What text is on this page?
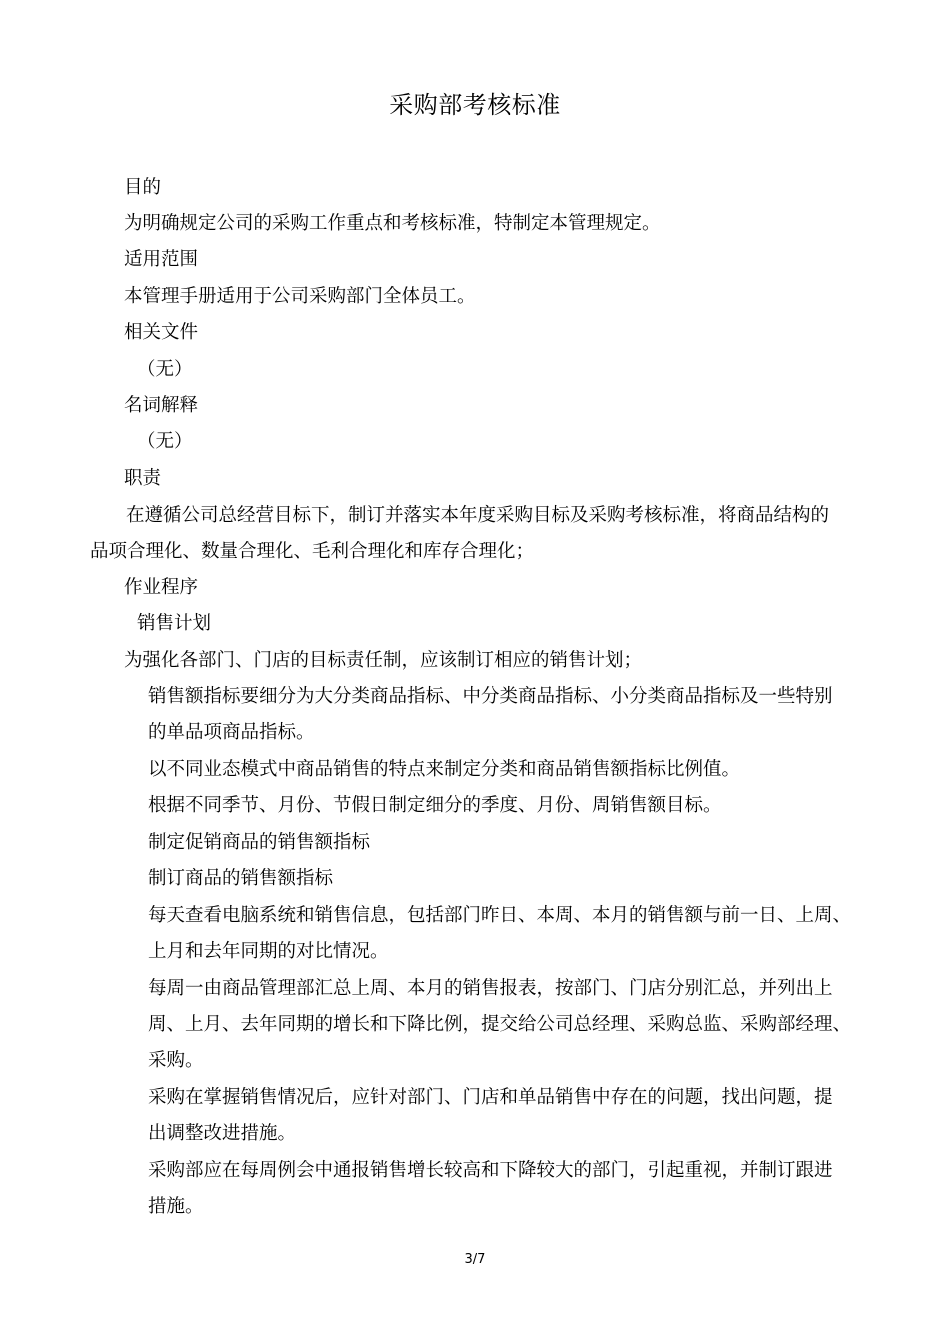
采购部考核标准
目的
为明确规定公司的采购工作重点和考核标准，特制定本管理规定。
适用范围
本管理手册适用于公司采购部门全体员工。
相关文件
（无）
名词解释
（无）
职责
在遵循公司总经营目标下，制订并落实本年度采购目标及采购考核标准，将商品结构的
品项合理化、数量合理化、毛利合理化和库存合理化；
作业程序
销售计划
为强化各部门、门店的目标责任制，应该制订相应的销售计划；
销售额指标要细分为大分类商品指标、中分类商品指标、小分类商品指标及一些特别
的单品项商品指标。
以不同业态模式中商品销售的特点来制定分类和商品销售额指标比例值。
根据不同季节、月份、节假日制定细分的季度、月份、周销售额目标。
制定促销商品的销售额指标
制订商品的销售额指标
每天查看电脑系统和销售信息，包括部门昨日、本周、本月的销售额与前一日、上周、
上月和去年同期的对比情况。
每周一由商品管理部汇总上周、本月的销售报表，按部门、门店分别汇总，并列出上
周、上月、去年同期的增长和下降比例，提交给公司总经理、采购总监、采购部经理、
采购。
采购在掌握销售情况后，应针对部门、门店和单品销售中存在的问题，找出问题，提
出调整改进措施。
采购部应在每周例会中通报销售增长较高和下降较大的部门，引起重视，并制订跟进
措施。
3/7
